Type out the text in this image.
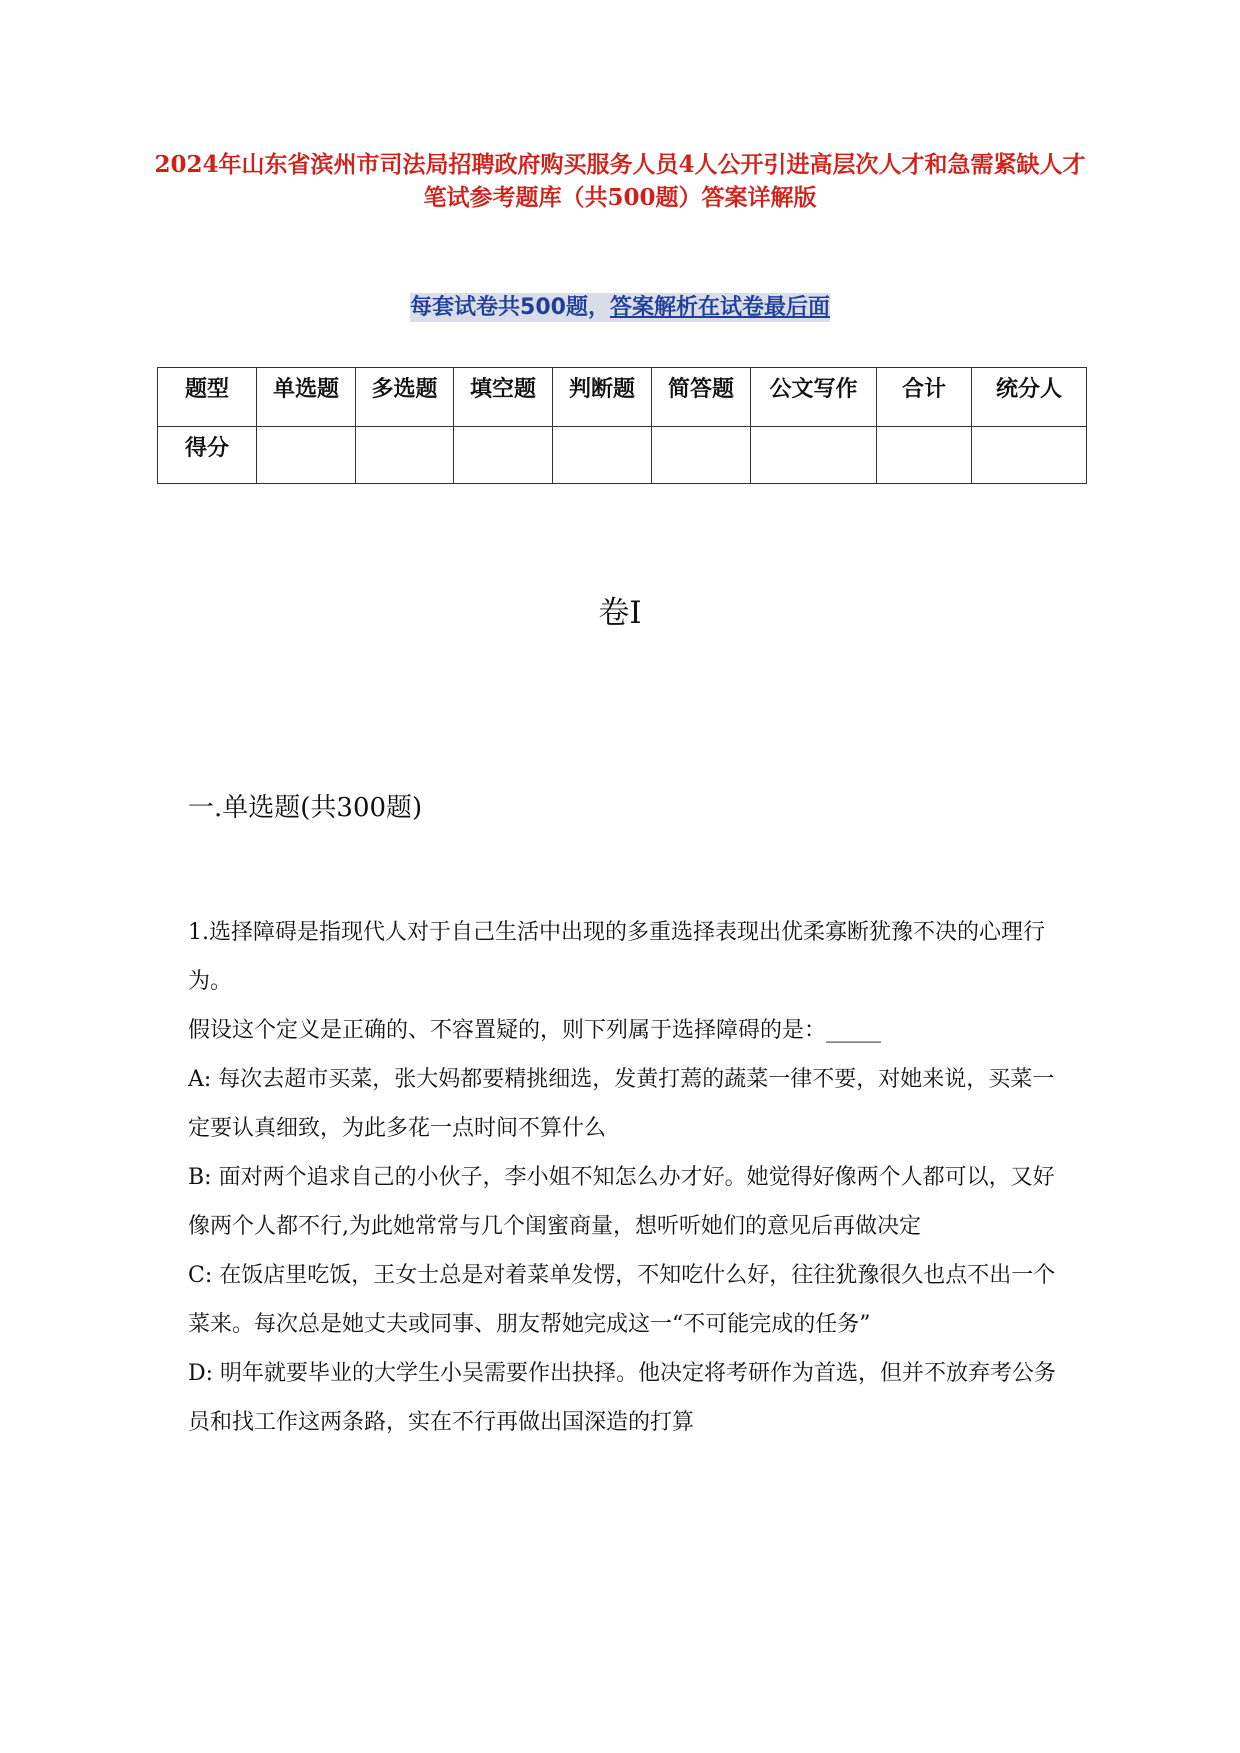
2024年山东省滨州市司法局招聘政府购买服务人员4人公开引进高层次人才和急需紧缺人才笔试参考题库（共500题）答案详解版
每套试卷共500题，答案解析在试卷最后面
题型	单选题	多选题	填空题	判断题	简答题	公文写作	合计	统分人
得分								
卷Ⅰ
一.单选题(共300题)

1.选择障碍是指现代人对于自己生活中出现的多重选择表现出优柔寡断犹豫不决的心理行为。

假设这个定义是正确的、不容置疑的，则下列属于选择障碍的是：_____

A: 每次去超市买菜，张大妈都要精挑细选，发黄打蔫的蔬菜一律不要，对她来说，买菜一定要认真细致，为此多花一点时间不算什么

B: 面对两个追求自己的小伙子，李小姐不知怎么办才好。她觉得好像两个人都可以，又好像两个人都不行,为此她常常与几个闺蜜商量，想听听她们的意见后再做决定

C: 在饭店里吃饭，王女士总是对着菜单发愣，不知吃什么好，往往犹豫很久也点不出一个菜来。每次总是她丈夫或同事、朋友帮她完成这一“不可能完成的任务”

D: 明年就要毕业的大学生小吴需要作出抉择。他决定将考研作为首选，但并不放弃考公务员和找工作这两条路，实在不行再做出国深造的打算
